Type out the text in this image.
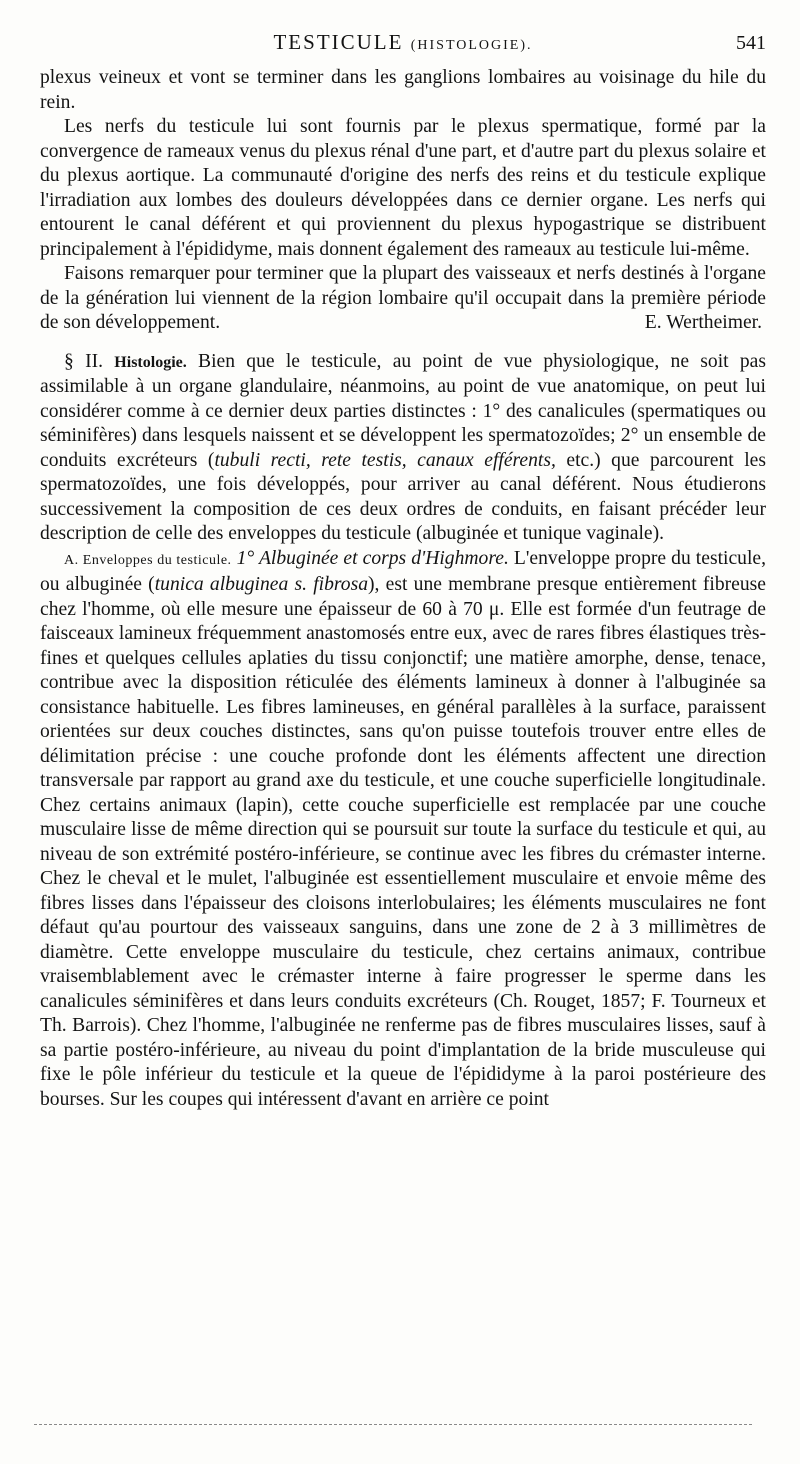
TESTICULE (HISTOLOGIE).	541

plexus veineux et vont se terminer dans les ganglions lombaires au voisinage du hile du rein.

Les nerfs du testicule lui sont fournis par le plexus spermatique, formé par la convergence de rameaux venus du plexus rénal d'une part, et d'autre part du plexus solaire et du plexus aortique. La communauté d'origine des nerfs des reins et du testicule explique l'irradiation aux lombes des douleurs développées dans ce dernier organe. Les nerfs qui entourent le canal déférent et qui proviennent du plexus hypogastrique se distribuent principalement à l'épididyme, mais donnent également des rameaux au testicule lui-même.

Faisons remarquer pour terminer que la plupart des vaisseaux et nerfs destinés à l'organe de la génération lui viennent de la région lombaire qu'il occupait dans la première période de son développement.	E. Wertheimer.

§ II. Histologie. Bien que le testicule, au point de vue physiologique, ne soit pas assimilable à un organe glandulaire, néanmoins, au point de vue anatomique, on peut lui considérer comme à ce dernier deux parties distinctes : 1° des canalicules (spermatiques ou séminifères) dans lesquels naissent et se développent les spermatozoïdes; 2° un ensemble de conduits excréteurs (tubuli recti, rete testis, canaux efférents, etc.) que parcourent les spermatozoïdes, une fois développés, pour arriver au canal déférent. Nous étudierons successivement la composition de ces deux ordres de conduits, en faisant précéder leur description de celle des enveloppes du testicule (albuginée et tunique vaginale).

A. Enveloppes du testicule. 1° Albuginée et corps d'Highmore. L'enveloppe propre du testicule, ou albuginée (tunica albuginea s. fibrosa), est une membrane presque entièrement fibreuse chez l'homme, où elle mesure une épaisseur de 60 à 70 μ. Elle est formée d'un feutrage de faisceaux lamineux fréquemment anastomosés entre eux, avec de rares fibres élastiques très-fines et quelques cellules aplaties du tissu conjonctif; une matière amorphe, dense, tenace, contribue avec la disposition réticulée des éléments lamineux à donner à l'albuginée sa consistance habituelle. Les fibres lamineuses, en général parallèles à la surface, paraissent orientées sur deux couches distinctes, sans qu'on puisse toutefois trouver entre elles de délimitation précise : une couche profonde dont les éléments affectent une direction transversale par rapport au grand axe du testicule, et une couche superficielle longitudinale. Chez certains animaux (lapin), cette couche superficielle est remplacée par une couche musculaire lisse de même direction qui se poursuit sur toute la surface du testicule et qui, au niveau de son extrémité postéro-inférieure, se continue avec les fibres du crémaster interne. Chez le cheval et le mulet, l'albuginée est essentiellement musculaire et envoie même des fibres lisses dans l'épaisseur des cloisons interlobulaires; les éléments musculaires ne font défaut qu'au pourtour des vaisseaux sanguins, dans une zone de 2 à 3 millimètres de diamètre. Cette enveloppe musculaire du testicule, chez certains animaux, contribue vraisemblablement avec le crémaster interne à faire progresser le sperme dans les canalicules séminifères et dans leurs conduits excréteurs (Ch. Rouget, 1857; F. Tourneux et Th. Barrois). Chez l'homme, l'albuginée ne renferme pas de fibres musculaires lisses, sauf à sa partie postéro-inférieure, au niveau du point d'implantation de la bride musculeuse qui fixe le pôle inférieur du testicule et la queue de l'épididyme à la paroi postérieure des bourses. Sur les coupes qui intéressent d'avant en arrière ce point
